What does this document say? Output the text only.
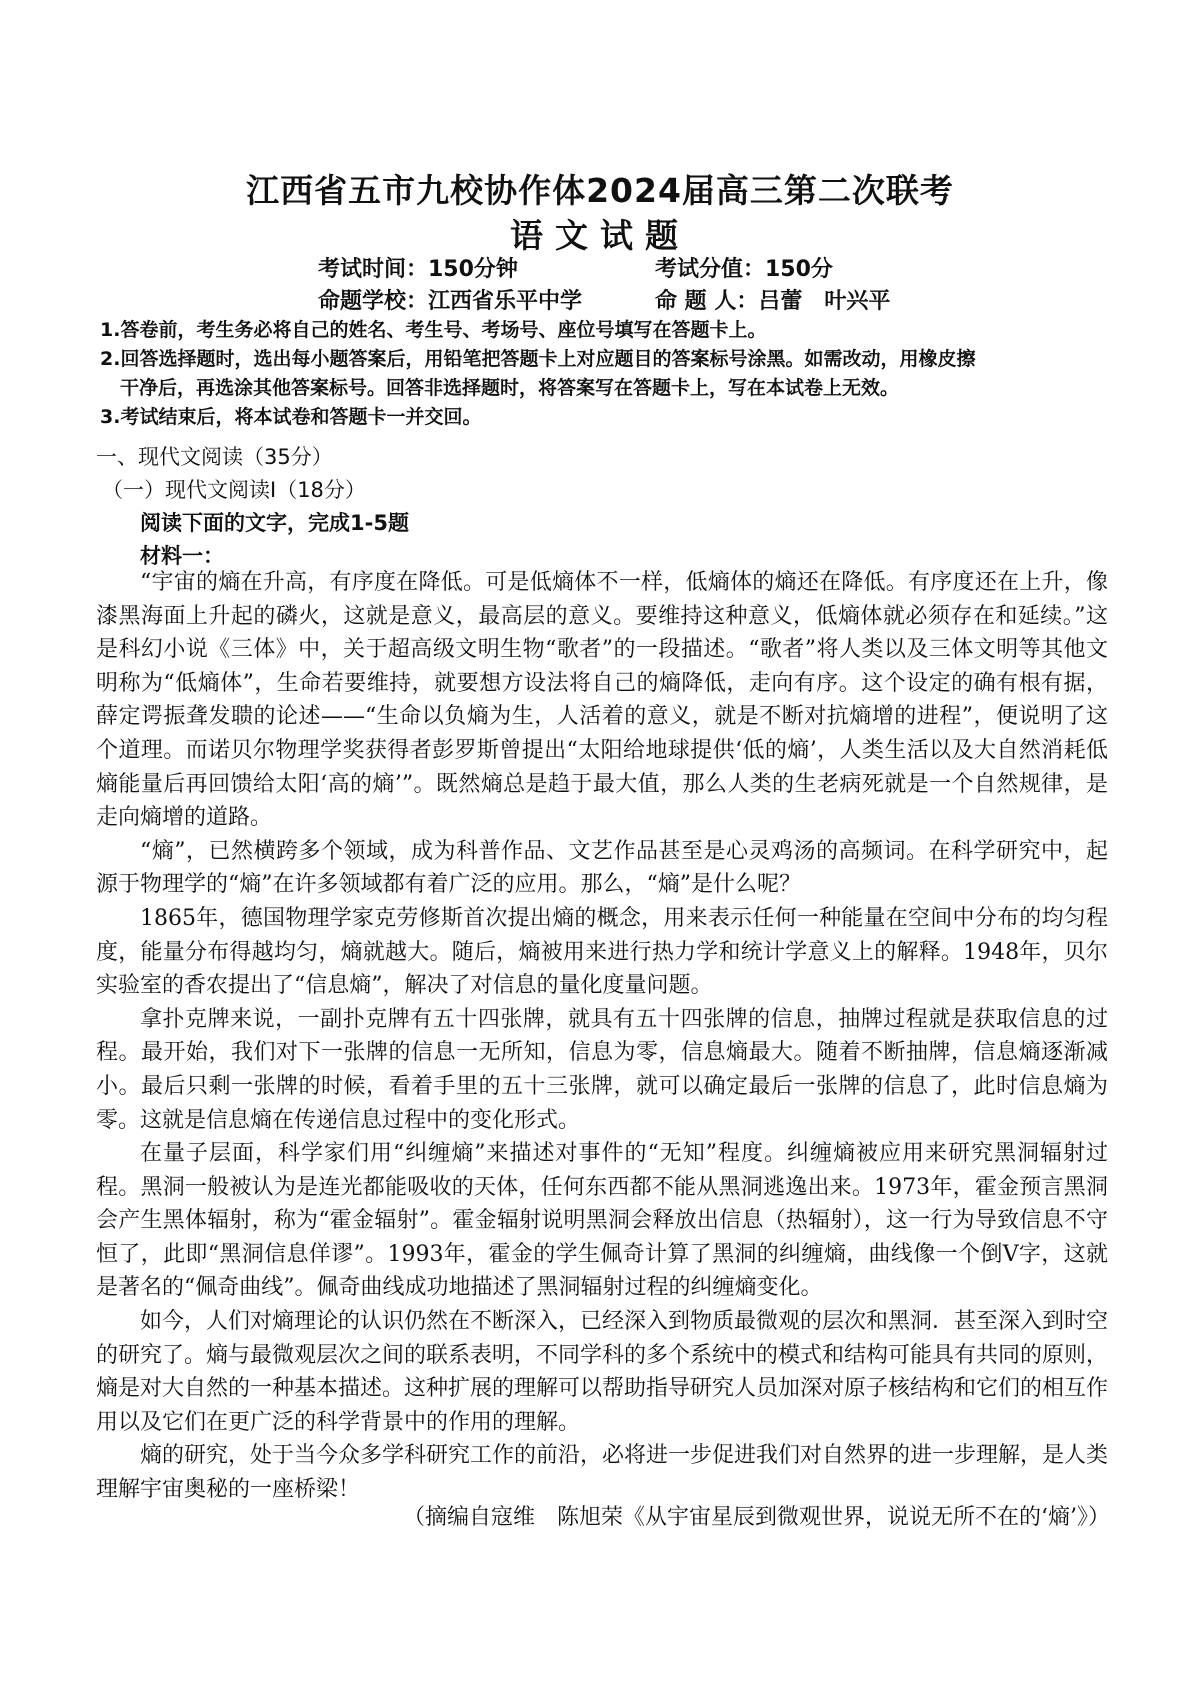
江西省五市九校协作体2024届高三第二次联考
语文试题
考试时间：150分钟	考试分值：150分
命题学校：江西省乐平中学	命 题 人：吕蕾　叶兴平
1.答卷前，考生务必将自己的姓名、考生号、考场号、座位号填写在答题卡上。
2.回答选择题时，选出每小题答案后，用铅笔把答题卡上对应题目的答案标号涂黑。如需改动，用橡皮擦
干净后，再选涂其他答案标号。回答非选择题时，将答案写在答题卡上，写在本试卷上无效。
3.考试结束后，将本试卷和答题卡一并交回。
一、现代文阅读（35分）
（一）现代文阅读Ⅰ（18分）
阅读下面的文字，完成1-5题
材料一：

“宇宙的熵在升高，有序度在降低。可是低熵体不一样，低熵体的熵还在降低。有序度还在上升，像漆黑海面上升起的磷火，这就是意义，最高层的意义。要维持这种意义，低熵体就必须存在和延续。”这是科幻小说《三体》中，关于超高级文明生物“歌者”的一段描述。“歌者”将人类以及三体文明等其他文明称为“低熵体”，生命若要维持，就要想方设法将自己的熵降低，走向有序。这个设定的确有根有据，薛定谔振聋发聩的论述——“生命以负熵为生，人活着的意义，就是不断对抗熵增的进程”，便说明了这个道理。而诺贝尔物理学奖获得者彭罗斯曾提出“太阳给地球提供‘低的熵’，人类生活以及大自然消耗低熵能量后再回馈给太阳‘高的熵’”。既然熵总是趋于最大值，那么人类的生老病死就是一个自然规律，是走向熵增的道路。

“熵”，已然横跨多个领域，成为科普作品、文艺作品甚至是心灵鸡汤的高频词。在科学研究中，起源于物理学的“熵”在许多领域都有着广泛的应用。那么，“熵”是什么呢？

1865年，德国物理学家克劳修斯首次提出熵的概念，用来表示任何一种能量在空间中分布的均匀程度，能量分布得越均匀，熵就越大。随后，熵被用来进行热力学和统计学意义上的解释。1948年，贝尔实验室的香农提出了“信息熵”，解决了对信息的量化度量问题。

拿扑克牌来说，一副扑克牌有五十四张牌，就具有五十四张牌的信息，抽牌过程就是获取信息的过程。最开始，我们对下一张牌的信息一无所知，信息为零，信息熵最大。随着不断抽牌，信息熵逐渐减小。最后只剩一张牌的时候，看着手里的五十三张牌，就可以确定最后一张牌的信息了，此时信息熵为零。这就是信息熵在传递信息过程中的变化形式。

在量子层面，科学家们用“纠缠熵”来描述对事件的“无知”程度。纠缠熵被应用来研究黑洞辐射过程。黑洞一般被认为是连光都能吸收的天体，任何东西都不能从黑洞逃逸出来。1973年，霍金预言黑洞会产生黑体辐射，称为“霍金辐射”。霍金辐射说明黑洞会释放出信息（热辐射），这一行为导致信息不守恒了，此即“黑洞信息佯谬”。1993年，霍金的学生佩奇计算了黑洞的纠缠熵，曲线像一个倒V字，这就是著名的“佩奇曲线”。佩奇曲线成功地描述了黑洞辐射过程的纠缠熵变化。

如今，人们对熵理论的认识仍然在不断深入，已经深入到物质最微观的层次和黑洞．甚至深入到时空的研究了。熵与最微观层次之间的联系表明，不同学科的多个系统中的模式和结构可能具有共同的原则，熵是对大自然的一种基本描述。这种扩展的理解可以帮助指导研究人员加深对原子核结构和它们的相互作用以及它们在更广泛的科学背景中的作用的理解。

熵的研究，处于当今众多学科研究工作的前沿，必将进一步促进我们对自然界的进一步理解，是人类理解宇宙奥秘的一座桥梁！

（摘编自寇维　陈旭荣《从宇宙星辰到微观世界，说说无所不在的‘熵’》）
